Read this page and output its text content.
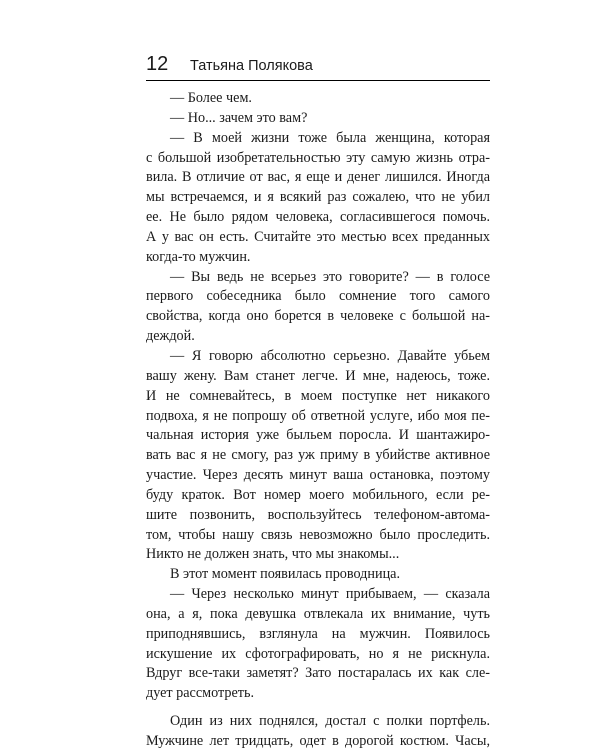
12 Татьяна Полякова
— Более чем.
— Но... зачем это вам?
— В моей жизни тоже была женщина, которая
с большой изобретательностью эту самую жизнь отра-
вила. В отличие от вас, я еще и денег лишился. Иногда
мы встречаемся, и я всякий раз сожалею, что не убил
ее. Не было рядом человека, согласившегося помочь.
А у вас он есть. Считайте это местью всех преданных
когда-то мужчин.
— Вы ведь не всерьез это говорите? — в голосе
первого собеседника было сомнение того самого
свойства, когда оно борется в человеке с большой на-
деждой.
— Я говорю абсолютно серьезно. Давайте убьем
вашу жену. Вам станет легче. И мне, надеюсь, тоже.
И не сомневайтесь, в моем поступке нет никакого
подвоха, я не попрошу об ответной услуге, ибо моя пе-
чальная история уже быльем поросла. И шантажиро-
вать вас я не смогу, раз уж приму в убийстве активное
участие. Через десять минут ваша остановка, поэтому
буду краток. Вот номер моего мобильного, если ре-
шите позвонить, воспользуйтесь телефоном-автома-
том, чтобы нашу связь невозможно было проследить.
Никто не должен знать, что мы знакомы...
В этот момент появилась проводница.
— Через несколько минут прибываем, — сказала
она, а я, пока девушка отвлекала их внимание, чуть
приподнявшись, взглянула на мужчин. Появилось
искушение их сфотографировать, но я не рискнула.
Вдруг все-таки заметят? Зато постаралась их как сле-
дует рассмотреть.
Один из них поднялся, достал с полки портфель.
Мужчине лет тридцать, одет в дорогой костюм. Часы,
